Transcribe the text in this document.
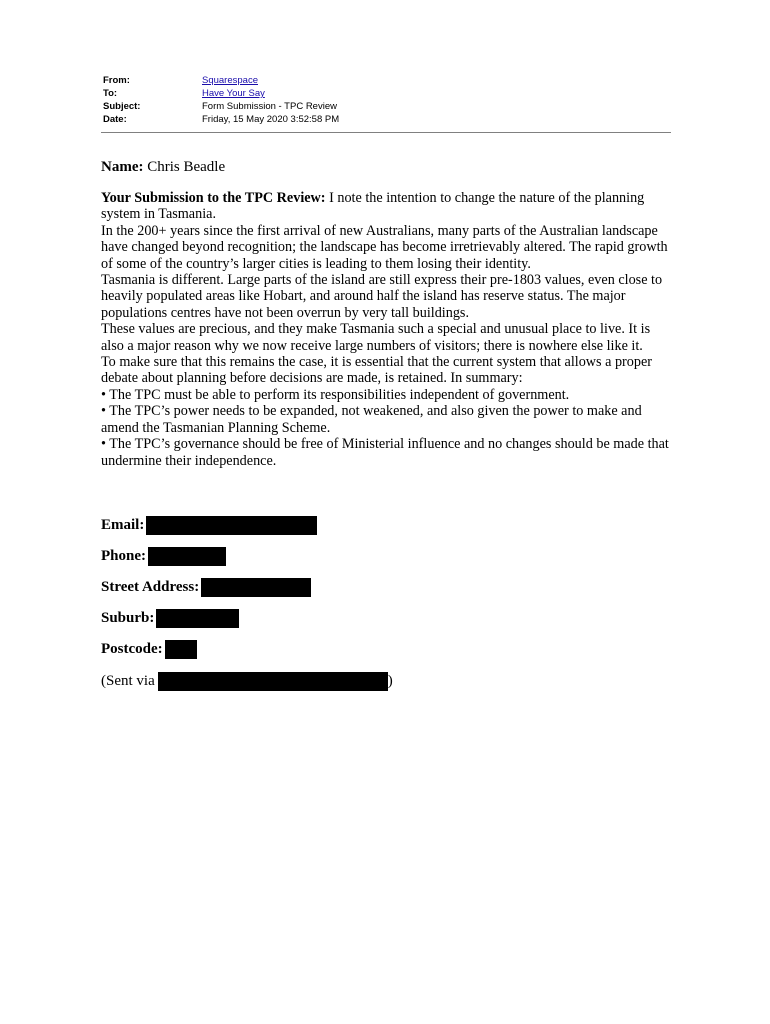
From:	Squarespace
To:	Have Your Say
Subject:	Form Submission - TPC Review
Date:	Friday, 15 May 2020 3:52:58 PM
Name: Chris Beadle

Your Submission to the TPC Review: I note the intention to change the nature of the planning system in Tasmania.

In the 200+ years since the first arrival of new Australians, many parts of the Australian landscape have changed beyond recognition; the landscape has become irretrievably altered. The rapid growth of some of the country’s larger cities is leading to them losing their identity.

Tasmania is different. Large parts of the island are still express their pre-1803 values, even close to heavily populated areas like Hobart, and around half the island has reserve status. The major populations centres have not been overrun by very tall buildings.

These values are precious, and they make Tasmania such a special and unusual place to live. It is also a major reason why we now receive large numbers of visitors; there is nowhere else like it.

To make sure that this remains the case, it is essential that the current system that allows a proper debate about planning before decisions are made, is retained. In summary:

• The TPC must be able to perform its responsibilities independent of government.

• The TPC’s power needs to be expanded, not weakened, and also given the power to make and amend the Tasmanian Planning Scheme.

• The TPC’s governance should be free of Ministerial influence and no changes should be made that undermine their independence.

Email:
Phone:
Street Address:
Suburb:
Postcode:
(Sent via	)
